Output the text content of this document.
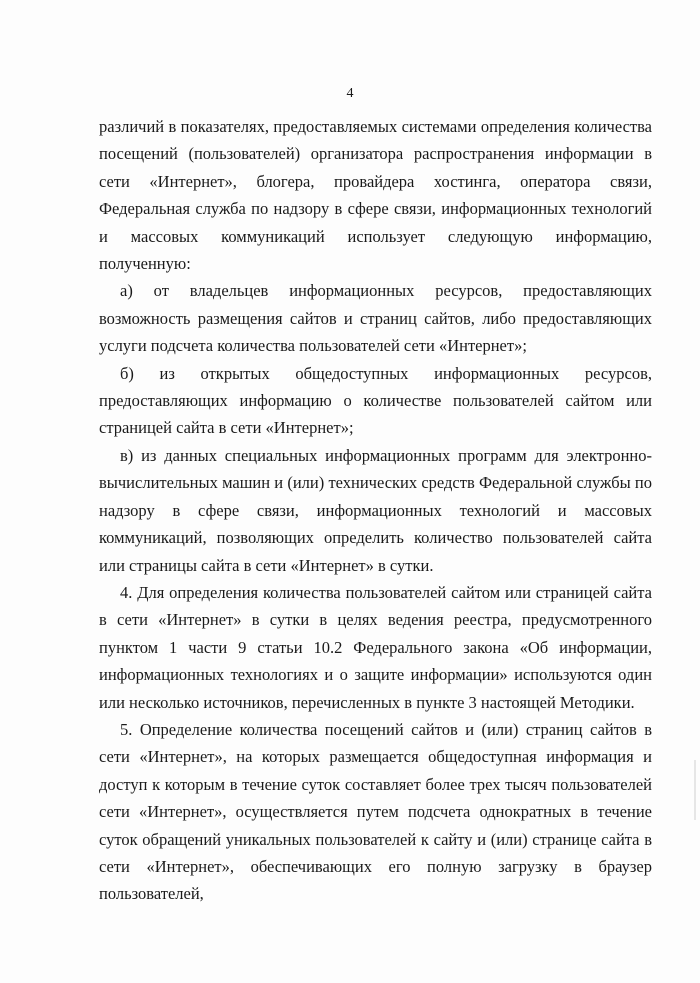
4

различий в показателях, предоставляемых системами определения количества посещений (пользователей) организатора распространения информации в сети «Интернет», блогера, провайдера хостинга, оператора связи, Федеральная служба по надзору в сфере связи, информационных технологий и массовых коммуникаций использует следующую информацию, полученную:

а) от владельцев информационных ресурсов, предоставляющих возможность размещения сайтов и страниц сайтов, либо предоставляющих услуги подсчета количества пользователей сети «Интернет»;

б) из открытых общедоступных информационных ресурсов, предоставляющих информацию о количестве пользователей сайтом или страницей сайта в сети «Интернет»;

в) из данных специальных информационных программ для электронно-вычислительных машин и (или) технических средств Федеральной службы по надзору в сфере связи, информационных технологий и массовых коммуникаций, позволяющих определить количество пользователей сайта или страницы сайта в сети «Интернет» в сутки.

4. Для определения количества пользователей сайтом или страницей сайта в сети «Интернет» в сутки в целях ведения реестра, предусмотренного пунктом 1 части 9 статьи 10.2 Федерального закона «Об информации, информационных технологиях и о защите информации» используются один или несколько источников, перечисленных в пункте 3 настоящей Методики.

5. Определение количества посещений сайтов и (или) страниц сайтов в сети «Интернет», на которых размещается общедоступная информация и доступ к которым в течение суток составляет более трех тысяч пользователей сети «Интернет», осуществляется путем подсчета однократных в течение суток обращений уникальных пользователей к сайту и (или) странице сайта в сети «Интернет», обеспечивающих его полную загрузку в браузер пользователей,
